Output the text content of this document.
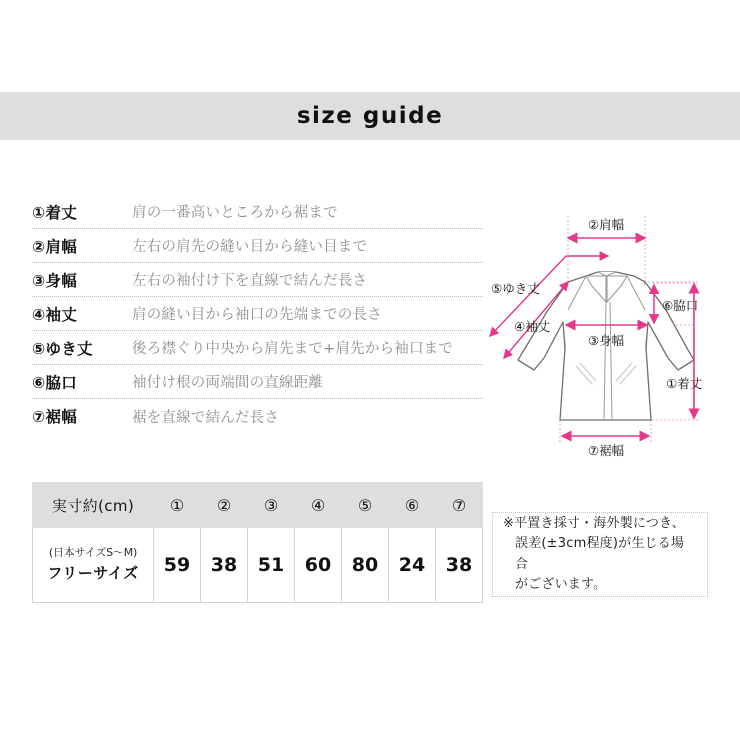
size guide
①着丈	肩の一番高いところから裾まで
②肩幅	左右の肩先の縫い目から縫い目まで
③身幅	左右の袖付け下を直線で結んだ長さ
④袖丈	肩の縫い目から袖口の先端までの長さ
⑤ゆき丈	後ろ襟ぐり中央から肩先まで+肩先から袖口まで
⑥脇口	袖付け根の両端間の直線距離
⑦裾幅	裾を直線で結んだ長さ
②肩幅
⑤ゆき丈
④袖丈
③身幅
⑥脇口
①着丈
⑦裾幅
実寸約(cm)	①	②	③	④	⑤	⑥	⑦

(日本サイズS〜M)
フリーサイズ	59	38	51	60	80	24	38
※平置き採寸・海外製につき、
誤差(±3cm程度)が生じる場合
がございます。
